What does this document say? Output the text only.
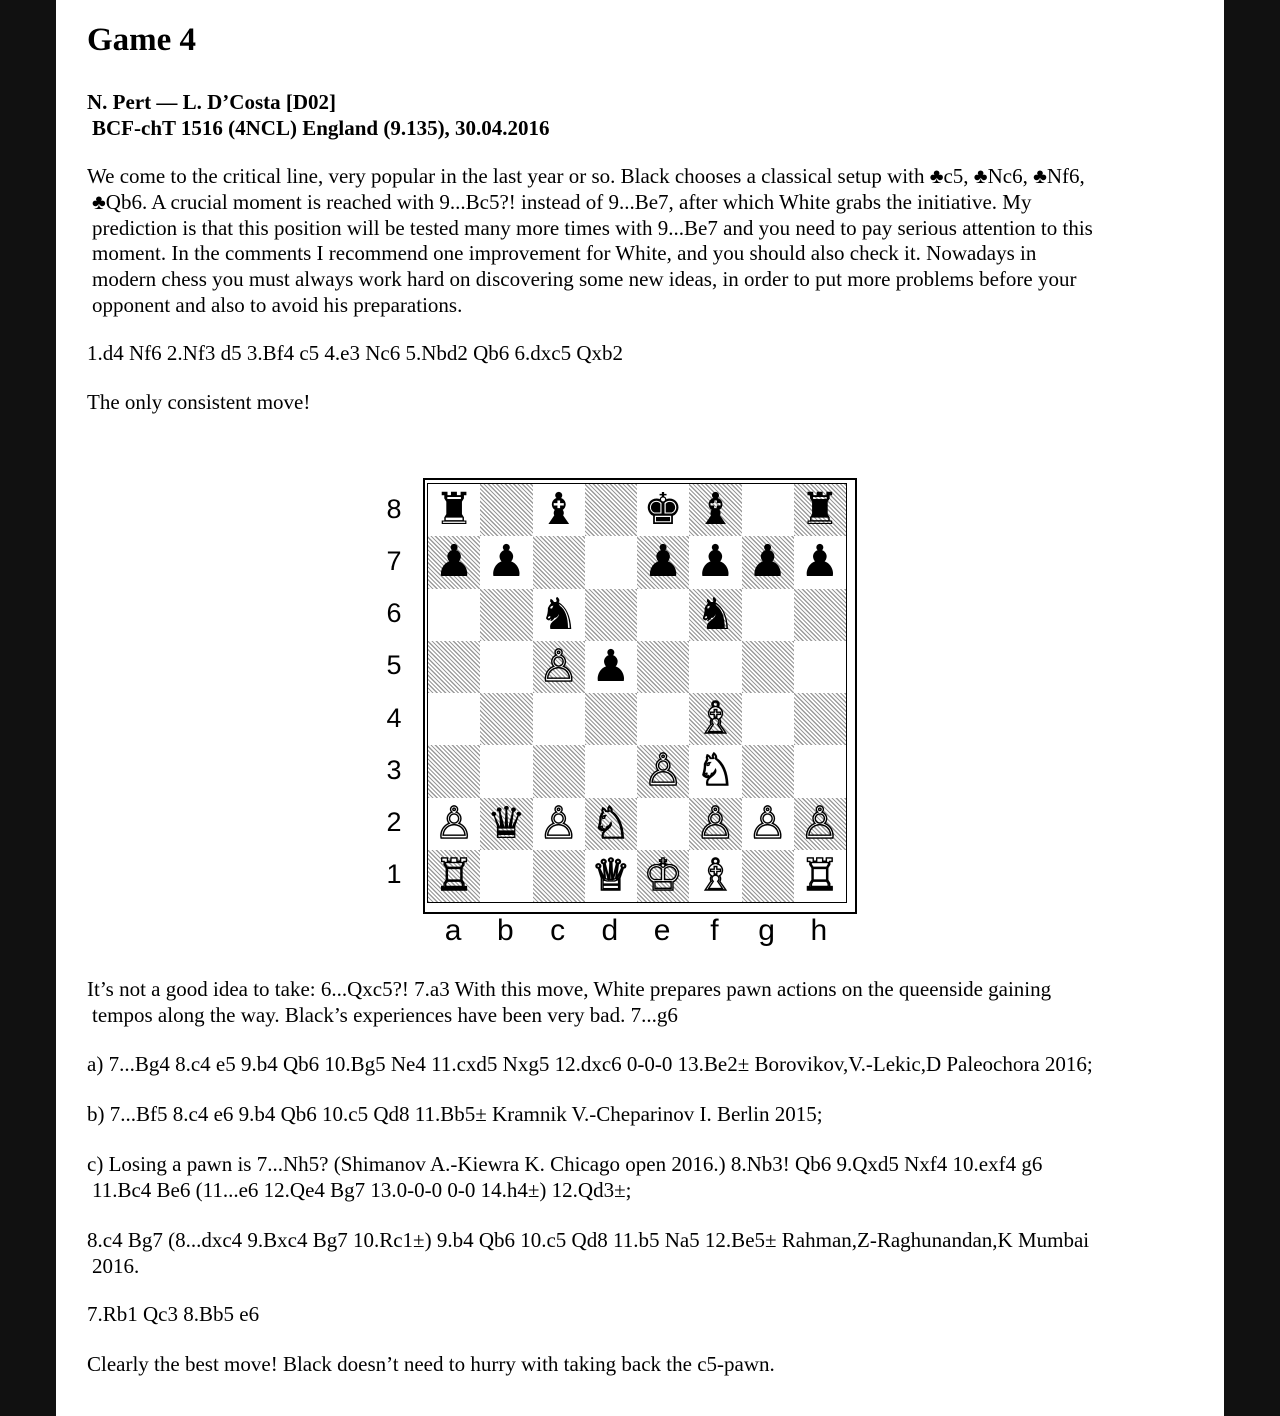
Game 4
N. Pert — L. D’Costa [D02]
BCF-chT 1516 (4NCL) England (9.135), 30.04.2016
We come to the critical line, very popular in the last year or so. Black chooses a classical setup with ♣c5, ♣Nc6, ♣Nf6,
♣Qb6. A crucial moment is reached with 9...Bc5?! instead of 9...Be7, after which White grabs the initiative. My
prediction is that this position will be tested many more times with 9...Be7 and you need to pay serious attention to this
moment. In the comments I recommend one improvement for White, and you should also check it. Nowadays in
modern chess you must always work hard on discovering some new ideas, in order to put more problems before your
opponent and also to avoid his preparations.
1.d4 Nf6 2.Nf3 d5 3.Bf4 c5 4.e3 Nc6 5.Nbd2 Qb6 6.dxc5 Qxb2
The only consistent move!
8
7
6
5
4
3
2
1
♜ ♝ ♚ ♝ ♜
♟ ♟	♟ ♟ ♟ ♟
♞	♞
♙ ♟
♗
♙ ♘
♙ ♛ ♙ ♘ ♙ ♙ ♙
♖	♕ ♔ ♗ ♖
a	b	c	d	e	f	g	h
It’s not a good idea to take: 6...Qxc5?! 7.a3 With this move, White prepares pawn actions on the queenside gaining
tempos along the way. Black’s experiences have been very bad. 7...g6
a) 7...Bg4 8.c4 e5 9.b4 Qb6 10.Bg5 Ne4 11.cxd5 Nxg5 12.dxc6 0-0-0 13.Be2± Borovikov,V.-Lekic,D Paleochora 2016;
b) 7...Bf5 8.c4 e6 9.b4 Qb6 10.c5 Qd8 11.Bb5± Kramnik V.-Cheparinov I. Berlin 2015;
c) Losing a pawn is 7...Nh5? (Shimanov A.-Kiewra K. Chicago open 2016.) 8.Nb3! Qb6 9.Qxd5 Nxf4 10.exf4 g6
11.Bc4 Be6 (11...e6 12.Qe4 Bg7 13.0-0-0 0-0 14.h4±) 12.Qd3±;
8.c4 Bg7 (8...dxc4 9.Bxc4 Bg7 10.Rc1±) 9.b4 Qb6 10.c5 Qd8 11.b5 Na5 12.Be5± Rahman,Z-Raghunandan,K Mumbai
2016.
7.Rb1 Qc3 8.Bb5 e6
Clearly the best move! Black doesn’t need to hurry with taking back the c5-pawn.
